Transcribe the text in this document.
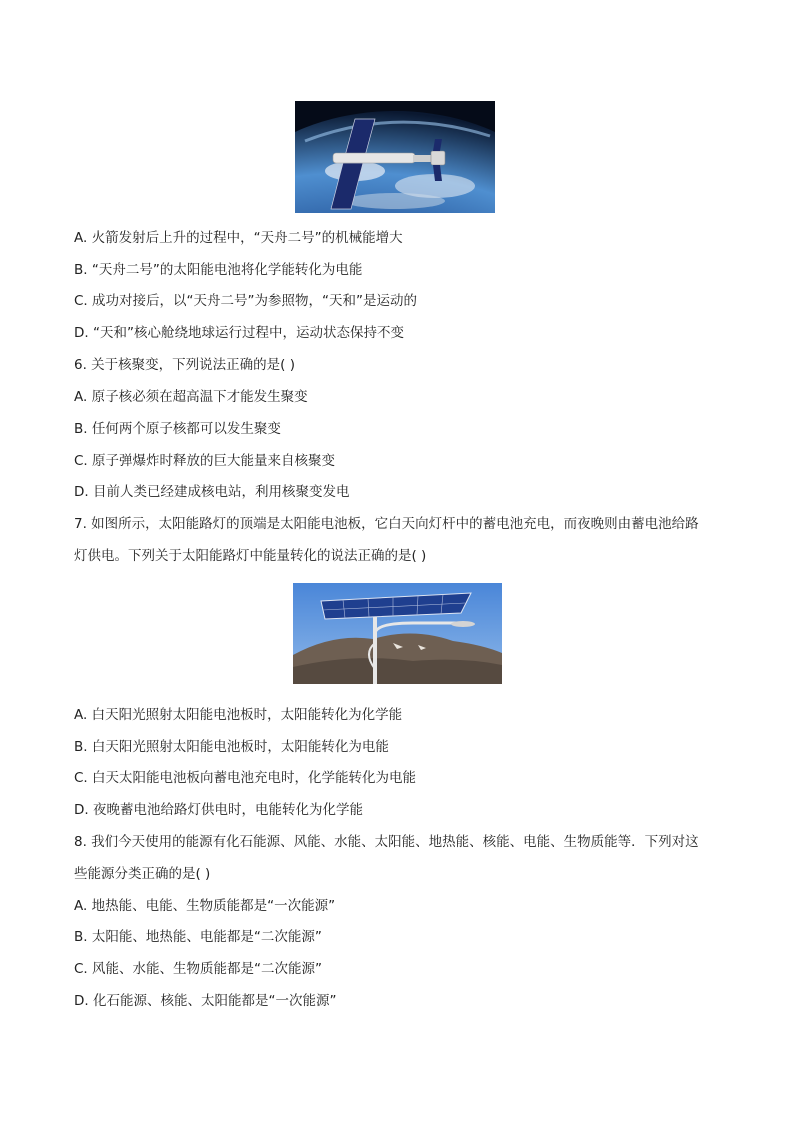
A. 火箭发射后上升的过程中，“天舟二号”的机械能增大
B. “天舟二号”的太阳能电池将化学能转化为电能
C. 成功对接后，以“天舟二号”为参照物，“天和”是运动的
D. “天和”核心舱绕地球运行过程中，运动状态保持不变
6. 关于核聚变，下列说法正确的是( )
A. 原子核必须在超高温下才能发生聚变
B. 任何两个原子核都可以发生聚变
C. 原子弹爆炸时释放的巨大能量来自核聚变
D. 目前人类已经建成核电站，利用核聚变发电
7. 如图所示，太阳能路灯的顶端是太阳能电池板，它白天向灯杆中的蓄电池充电，而夜晚则由蓄电池给路
灯供电。下列关于太阳能路灯中能量转化的说法正确的是( )
A. 白天阳光照射太阳能电池板时，太阳能转化为化学能
B. 白天阳光照射太阳能电池板时，太阳能转化为电能
C. 白天太阳能电池板向蓄电池充电时，化学能转化为电能
D. 夜晚蓄电池给路灯供电时，电能转化为化学能
8. 我们今天使用的能源有化石能源、风能、水能、太阳能、地热能、核能、电能、生物质能等．下列对这
些能源分类正确的是( )
A. 地热能、电能、生物质能都是“一次能源”
B. 太阳能、地热能、电能都是“二次能源”
C. 风能、水能、生物质能都是“二次能源”
D. 化石能源、核能、太阳能都是“一次能源”
